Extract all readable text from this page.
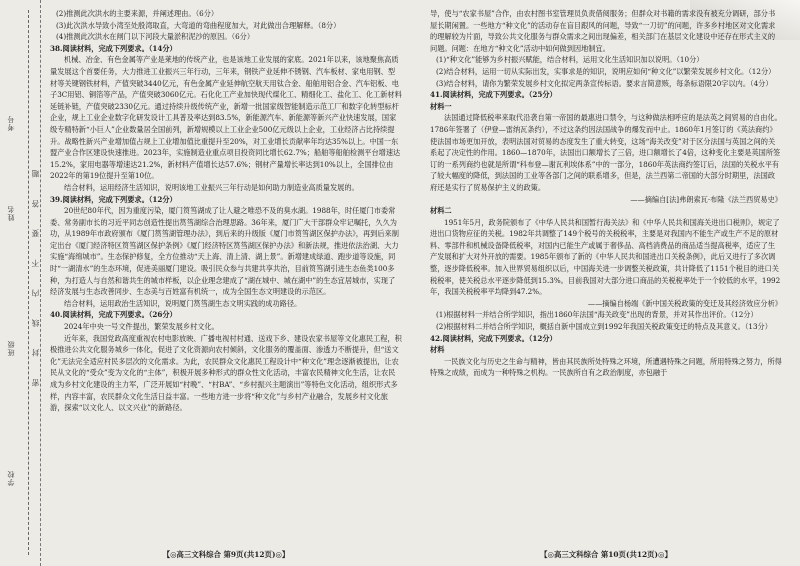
学校
班级
姓名
考号
密 封 线 内 不 要 答 题

(2)推测此次洪水的主要来源，并阐述理由。（6分）

(3)此次洪水导致小湾至处殷湾取直，大弯道的弯曲程度加大，对此做出合理解释。（8分）

(4)推测此次洪水在闸门以下河段大量淤积泥沙的原因。（6分）

38.阅读材料，完成下列要求。（14分）

机械、冶金、有色金属等产业是莱地的传统产业，也是该地工业发展的家底。2021年以来，该地聚焦高质量发展这个首要任务，大力推进工业振兴三年行动，三年来，钢铁产业延伸不锈钢、汽车板材、家电用钢、型材等关键钢铁材料，产值突破3440亿元，有色金属产业延伸航空航天用钛合金、船舶用铝合金、汽车铝板、电子3C用铝、铜箔等产品，产值突破3060亿元。石化化工产业加快现代煤化工、精细化工、盐化工、化工新材料延链补链，产值突破2330亿元。通过持续升级传统产业，新增一批国家级智能制造示范工厂和数字化转型标杆企业，规上工业企业数字化研发设计工具普及率达到83.5%，新能源汽车、新能源等新兴产业快速发展，国家级专精特新“小巨人”企业数量居全国前列，新增规模以上工业企业500亿元级以上企业，工业经济占比持续提升。战略性新兴产业增加值占规上工业增加值比重提升至20%，对工业增长贡献率年均达35%以上。中国一东盟产业合作区建设快速推进。2023年，实施制造业重点项目投资同比增长62.7%；船舶等船舶检测平台增速达15.2%，家用电器等增速达21.2%，新材料产值增长达57.6%；钢材产量增长率达到10%以上，全国排位由2022年的第19位提升至第10位。

结合材料，运用经济生活知识，说明该地工业振兴三年行动是如何助力制造业高质量发展的。

39.阅读材料，完成下列要求。（12分）

20世纪80年代，因为重度污染，厦门筼筜湖成了让人避之唯恐不及的臭水湖。1988年，时任厦门市委常委、常务副市长的习近平同志创造性提出筼筜湖综合治理思路。36年来，厦门广大干部群众牢记嘱托，久久为功，从1989年市政府颁布《厦门筼筜湖管理办法》，到后来的升级版《厦门市筼筜湖区保护办法》，再到后来制定出台《厦门经济特区筼筜湖区保护条例》《厦门经济特区筼筜湖区保护办法》和新法规，推进依法治湖、大力实施“海绵城市”。生态保护修复，全方位推动“天上海、清上清、湖上景”。新增建成绿道、跑步道等设施，同时“一湖清水”的生态环境，促进美丽厦门建设。吸引民众参与共建共享共治，目前筼筜湖引进生态鱼类100多种，为打造人与自然和谐共生的城市样板，以企业理念建成了“湖在城中、城在湖中”的生态宜居城市，实现了经济发展与生态改善同步、生态美与百姓富有机统一，成为全国生态文明建设的示范区。

结合材料，运用政治生活知识，说明厦门筼筜湖生态文明实践的成功路径。

40.阅读材料，完成下列要求。（26分）

2024年中央一号文件提出，繁荣发展乡村文化。

近年来，我国党政高度重视农村电影放映、广播电视村村通、送戏下乡、建设农家书屋等文化惠民工程，积极推进公共文化服务城乡一体化，促进了文化资源向农村倾斜，文化服务的覆盖面、渗透力不断提升，但“送文化”无法完全适应村民多层次的文化需求。为此，农民群众文化惠民工程设计中“种文化”理念逐渐被提出，让农民从文化的“受众”变为文化的“主体”，积极开展多种形式的群众性文化活动，丰富农民精神文化生活，让农民成为乡村文化建设的主力军，广泛开展如“村晚”、“村BA”、“乡村振兴主题演出”等特色文化活动，组织形式多样，内容丰富，农民群众文化生活日益丰富。一些地方进一步将“种文化”与乡村产业融合，发展乡村文化旅游，探索“以文化人、以文兴业”的新路径。

【◎高三文科综合 第9页(共12页)◎】

导，使与“农家书屋”合作，由农村图书室管理员负责借阅服务；但群众对书籍的需求没有被充分调研，部分书屋长期闲置。一些地方“种文化”的活动存在盲目跟风的问题，导致“一刀切”的问题，许多乡村地区对文化需求的理解较为片面，导致公共文化服务与群众需求之间出现偏差，相关部门在基层文化建设中还存在形式主义的问题。问题：在地方“种文化”活动中如何做到因地制宜。

(1)“种文化”能够为乡村振兴赋能，结合材料，运用文化生活知识加以说明。（10分）

(2)结合材料，运用一切从实际出发，实事求是的知识，说明应如何“种文化”以繁荣发展乡村文化。（12分）

(3)结合材料，请你为繁荣发展乡村文化拟定两条宣传标语。要求言简意赅，每条标语限20字以内。（4分）

41.阅读材料，完成下列要求。（25分）

材料一

法国通过降低税率来取代沿袭自第一帝国的最惠进口禁令，与这种做法相呼应的是法英之间贸易的自由化。1786年签署了（伊登—雷纳瓦条约），不过这条约因法国战争的爆发而中止。1860年1月签订的《英法商约》使法国市场更加开放，表明法国对贸易的态度发生了重大转变，这场“海关改变”对于区分法国与英国之间的关系起了决定性的作用。1860—1870年，法国出口额增长了三倍，进口额增长了4倍，这种变化主要是英国所签订的一系列商约也就是所谓“科布登—谢瓦利埃体系”中的一部分，1860年英法商约签订后，法国的关税水平有了较大幅度的降低，到法国的工业等各部门之间的联系增多，但是，法兰西第二帝国的大部分时期里，法国政府还是实行了贸易保护主义的政策。

——摘编自[法]弗朗索瓦·布隆《法兰西贸易史》

材料二

1951年5月，政务院颁布了《中华人民共和国暂行海关法》和《中华人民共和国海关进出口税则》，规定了进出口货物应征的关税。1982年共调整了149个税号的关税税率，主要是对我国内不能生产或生产不足的原材料、零部件和机械设备降低税率，对国内已能生产或属于奢侈品、高档消费品的商品适当提高税率，适应了生产发展和扩大对外开放的需要。1985年颁布了新的《中华人民共和国进出口关税条例》，此后又进行了多次调整，逐步降低税率。加入世界贸易组织以后，中国海关进一步调整关税政策，共计降低了1151个税目的进口关税税率，使关税总水平逐步降低到15.3%。目前我国对大部分进口商品的关税税率处于一个较低的水平，1992年，我国关税税率平均降到47.2%。

——摘编自杨端《新中国关税政策的变迁及其经济效应分析》

(1)根据材料一并结合所学知识，指出1860年法国“海关政变”出现的背景，并对其作出评价。（12分）

(2)根据材料二并结合所学知识，概括自新中国成立到1992年我国关税政策变迁的特点及其意义。（13分）

42.阅读材料，完成下列要求。（12分）

材料

一民族文化与历史之生命与精神，皆由其民族所处特殊之环境，所遭遇特殊之问题，所用特殊之努力，所得特殊之成绩，而成为一种特殊之机构。一民族所自有之政治制度，亦包融于

【◎高三文科综合 第10页(共12页)◎】
